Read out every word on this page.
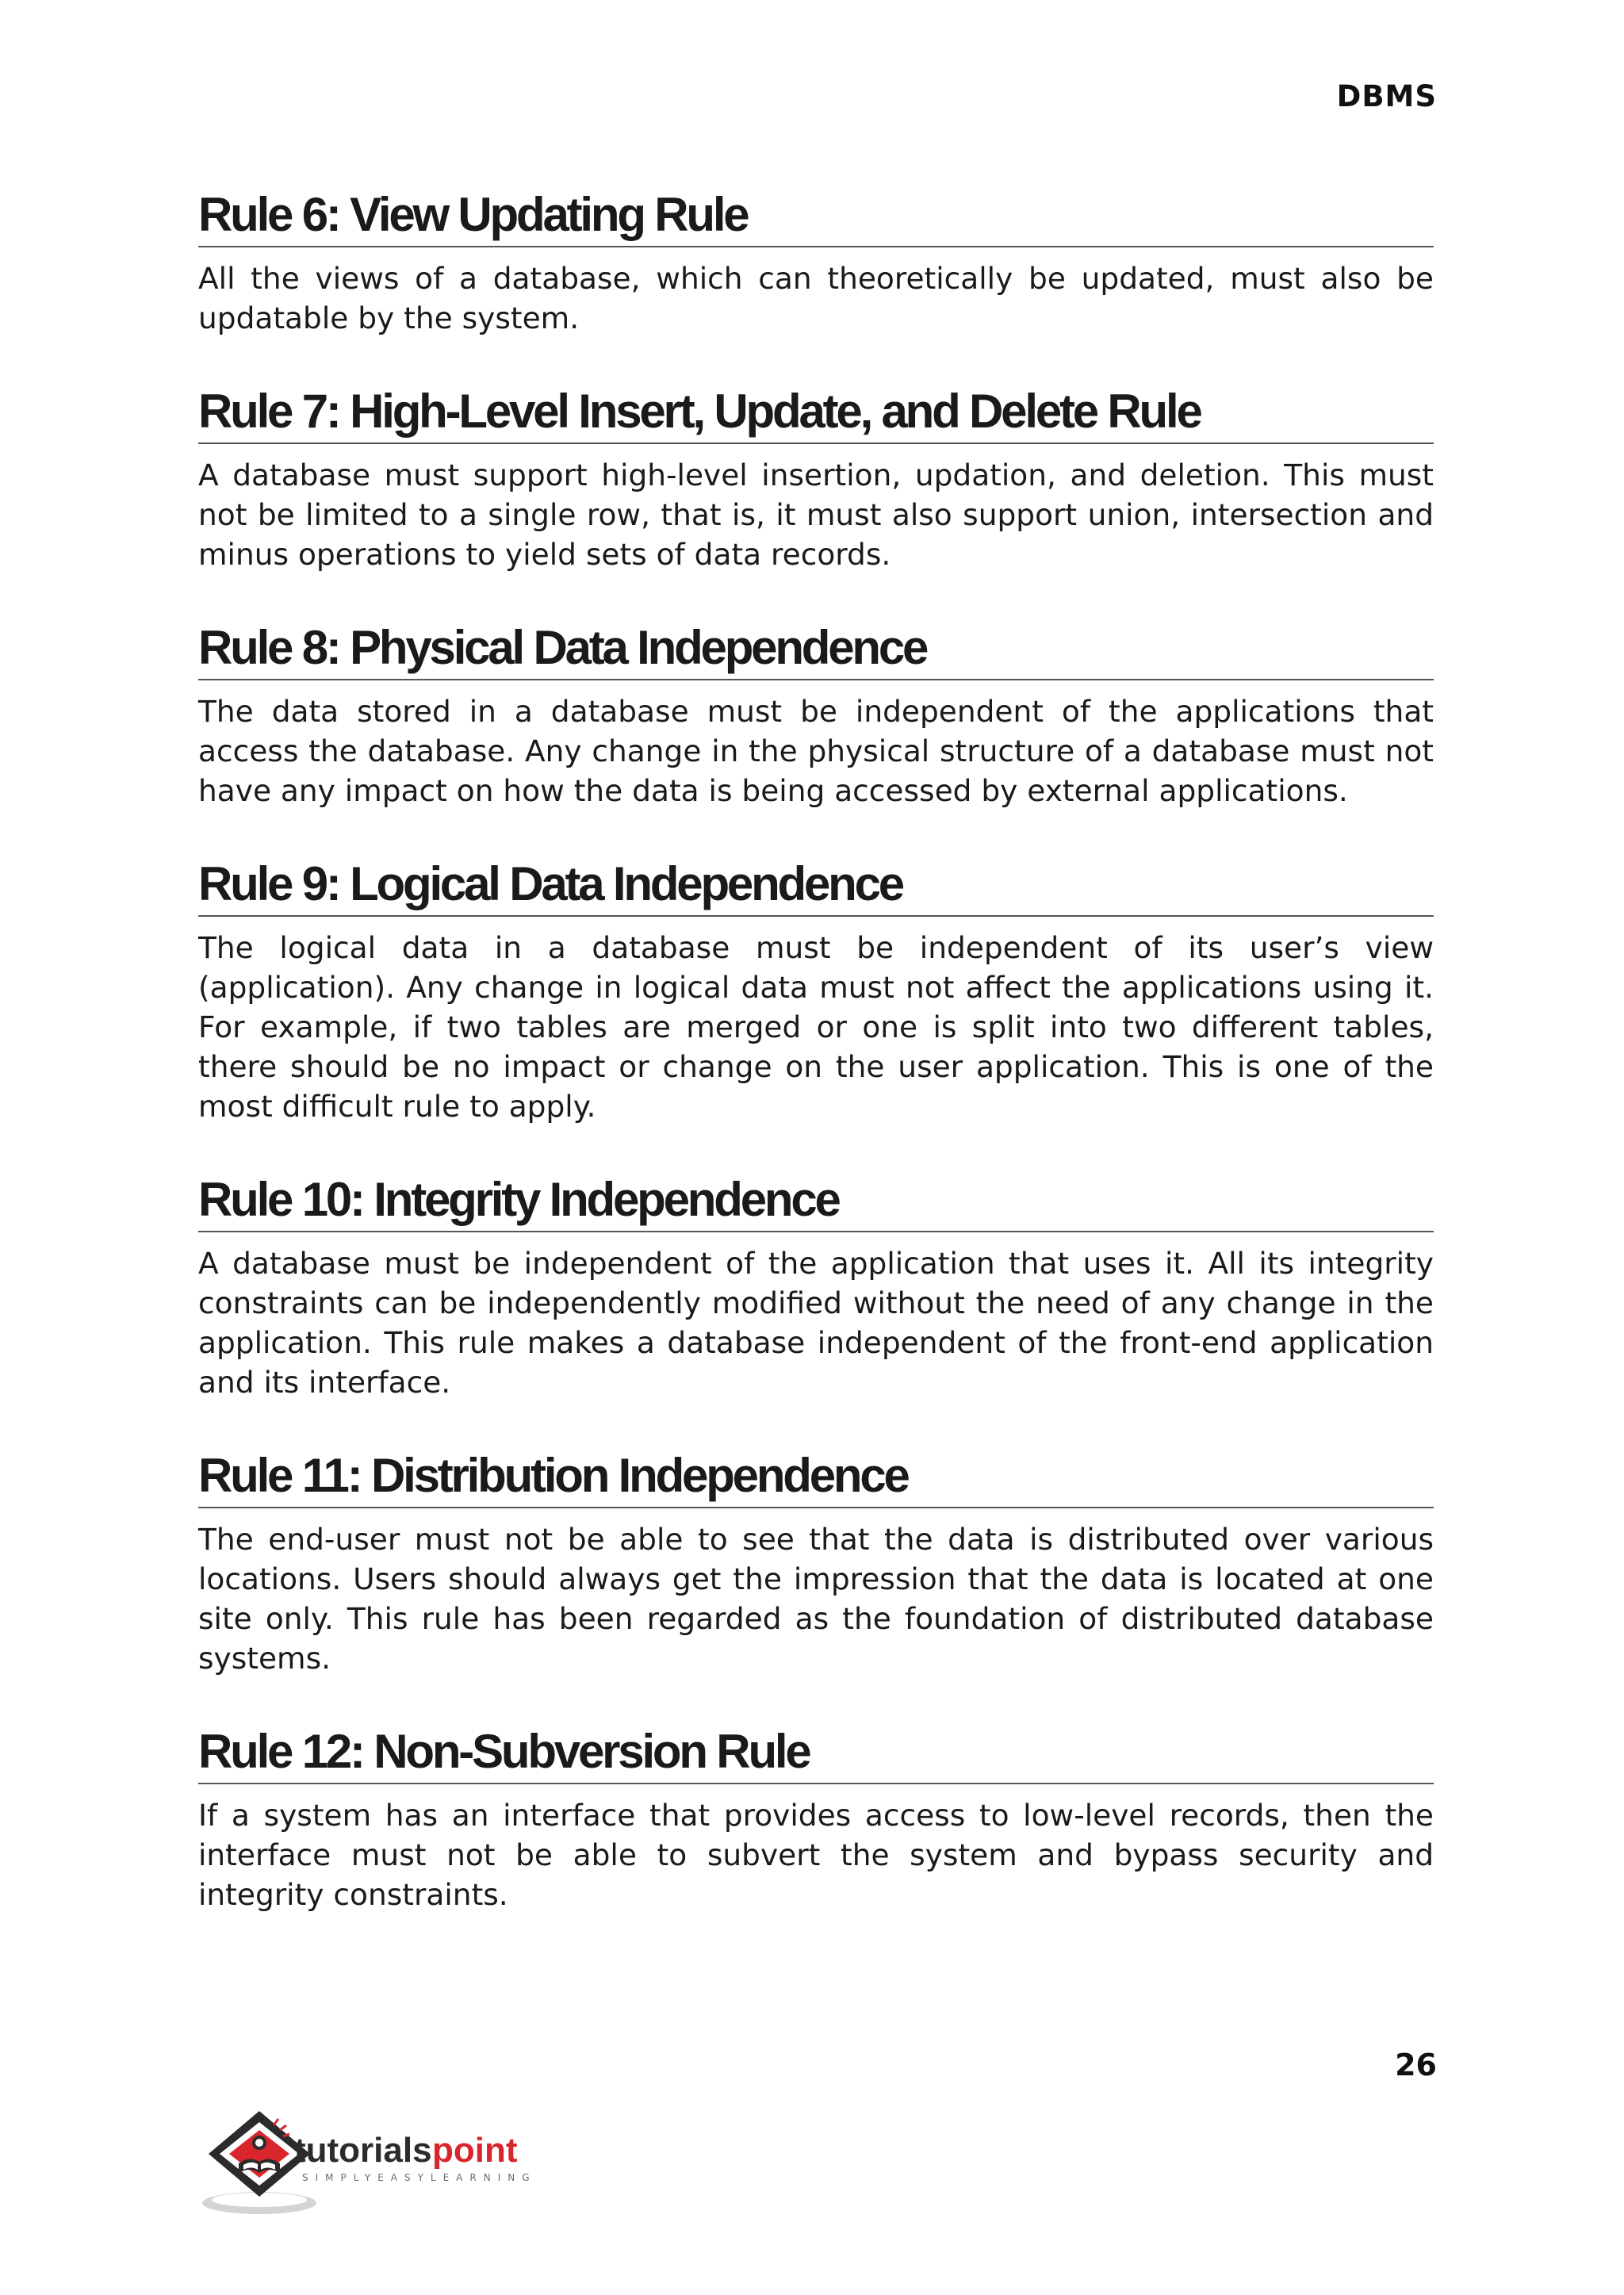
DBMS
Rule 6: View Updating Rule

All the views of a database, which can theoretically be updated, must also be updatable by the system.

Rule 7: High-Level Insert, Update, and Delete Rule

A database must support high-level insertion, updation, and deletion. This must not be limited to a single row, that is, it must also support union, intersection and minus operations to yield sets of data records.

Rule 8: Physical Data Independence

The data stored in a database must be independent of the applications that access the database. Any change in the physical structure of a database must not have any impact on how the data is being accessed by external applications.

Rule 9: Logical Data Independence

The logical data in a database must be independent of its user’s view (application). Any change in logical data must not affect the applications using it. For example, if two tables are merged or one is split into two different tables, there should be no impact or change on the user application. This is one of the most difficult rule to apply.

Rule 10: Integrity Independence

A database must be independent of the application that uses it. All its integrity constraints can be independently modified without the need of any change in the application. This rule makes a database independent of the front-end application and its interface.

Rule 11: Distribution Independence

The end-user must not be able to see that the data is distributed over various locations. Users should always get the impression that the data is located at one site only. This rule has been regarded as the foundation of distributed database systems.

Rule 12: Non-Subversion Rule

If a system has an interface that provides access to low-level records, then the interface must not be able to subvert the system and bypass security and integrity constraints.

26
tutorials point
SIMPLYEASYLEARNING
